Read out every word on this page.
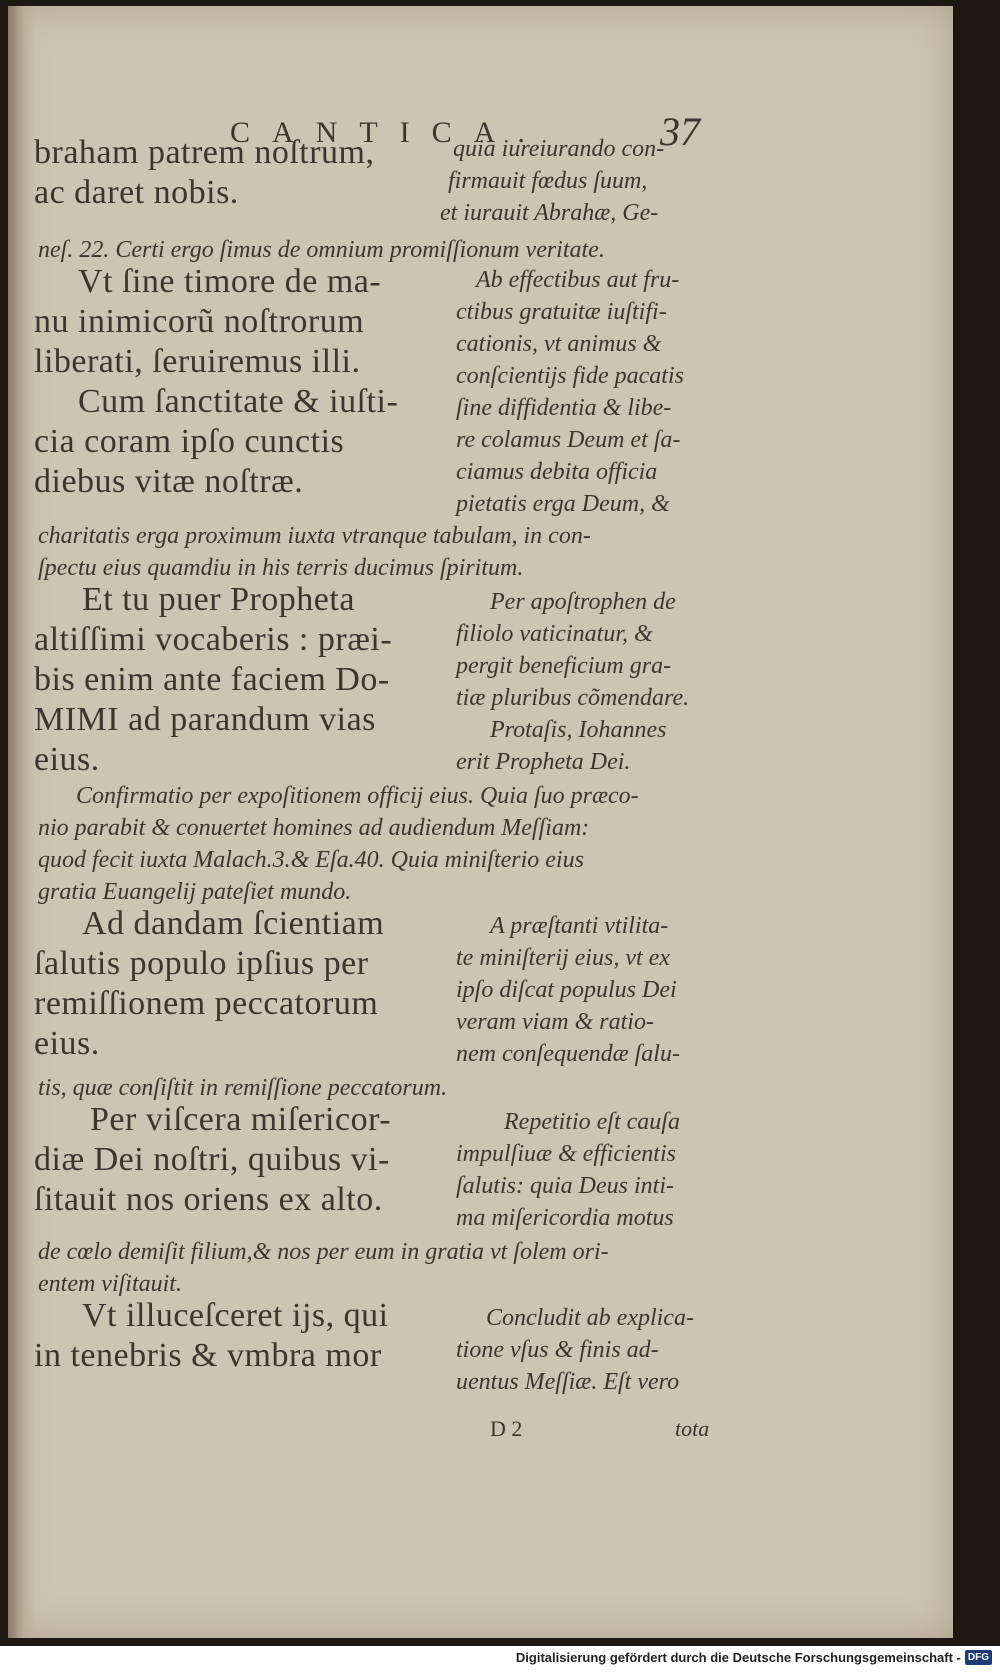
CANTICA.	37
braham patrem noſtrum,	quia iureiurando con-
ac daret nobis.	firmauit fœdus ſuum,
et iurauit Abrahæ, Ge-
neſ. 22. Certi ergo ſimus de omnium promiſſionum veritate.
Vt ſine timore de ma-	Ab effectibus aut fru-
nu inimicorũ noſtrorum	ctibus gratuitæ iuſtifi-
cationis, vt animus &
liberati, ſeruiremus illi.	conſcientijs fide pacatis
Cum ſanctitate & iuſti- ſine diffidentia & libe-
cia coram ipſo cunctis	re colamus Deum et ſa-
ciamus debita officia
diebus vitæ noſtræ.
pietatis erga Deum, &
charitatis erga proximum iuxta vtranque tabulam, in con-
ſpectu eius quamdiu in his terris ducimus ſpiritum.
Et tu puer Propheta	Per apoſtrophen de
altiſſimi vocaberis : præi-	filiolo vaticinatur, &
pergit beneficium gra-
bis enim ante faciem Do-	tiæ pluribus cõmendare.
MIMI ad parandum vias	Protaſis, Iohannes
eius.	erit Propheta Dei.
Confirmatio per expoſitionem officij eius. Quia ſuo præco-
nio parabit & conuertet homines ad audiendum Meſſiam:
quod fecit iuxta Malach.3.& Eſa.40. Quia miniſterio eius
gratia Euangelij pateſiet mundo.
Ad dandam ſcientiam	A præſtanti vtilita-
ſalutis populo ipſius per	te miniſterij eius, vt ex
ipſo diſcat populus Dei
remiſſionem peccatorum	veram viam & ratio-
eius.	nem conſequendæ ſalu-
tis, quæ conſiſtit in remiſſione peccatorum.
Per viſcera miſericor-	Repetitio eſt cauſa
diæ Dei noſtri, quibus vi-	impulſiuæ & efficientis
ſalutis: quia Deus inti-
ſitauit nos oriens ex alto.	ma miſericordia motus
de cœlo demiſit filium,& nos per eum in gratia vt ſolem ori-
entem viſitauit.
Vt illuceſceret ijs, qui	Concludit ab explica-
in tenebris & vmbra mor	tione vſus & finis ad-
uentus Meſſiæ. Eſt vero
D 2	tota
Digitalisierung gefördert durch die Deutsche Forschungsgemeinschaft - DFG
